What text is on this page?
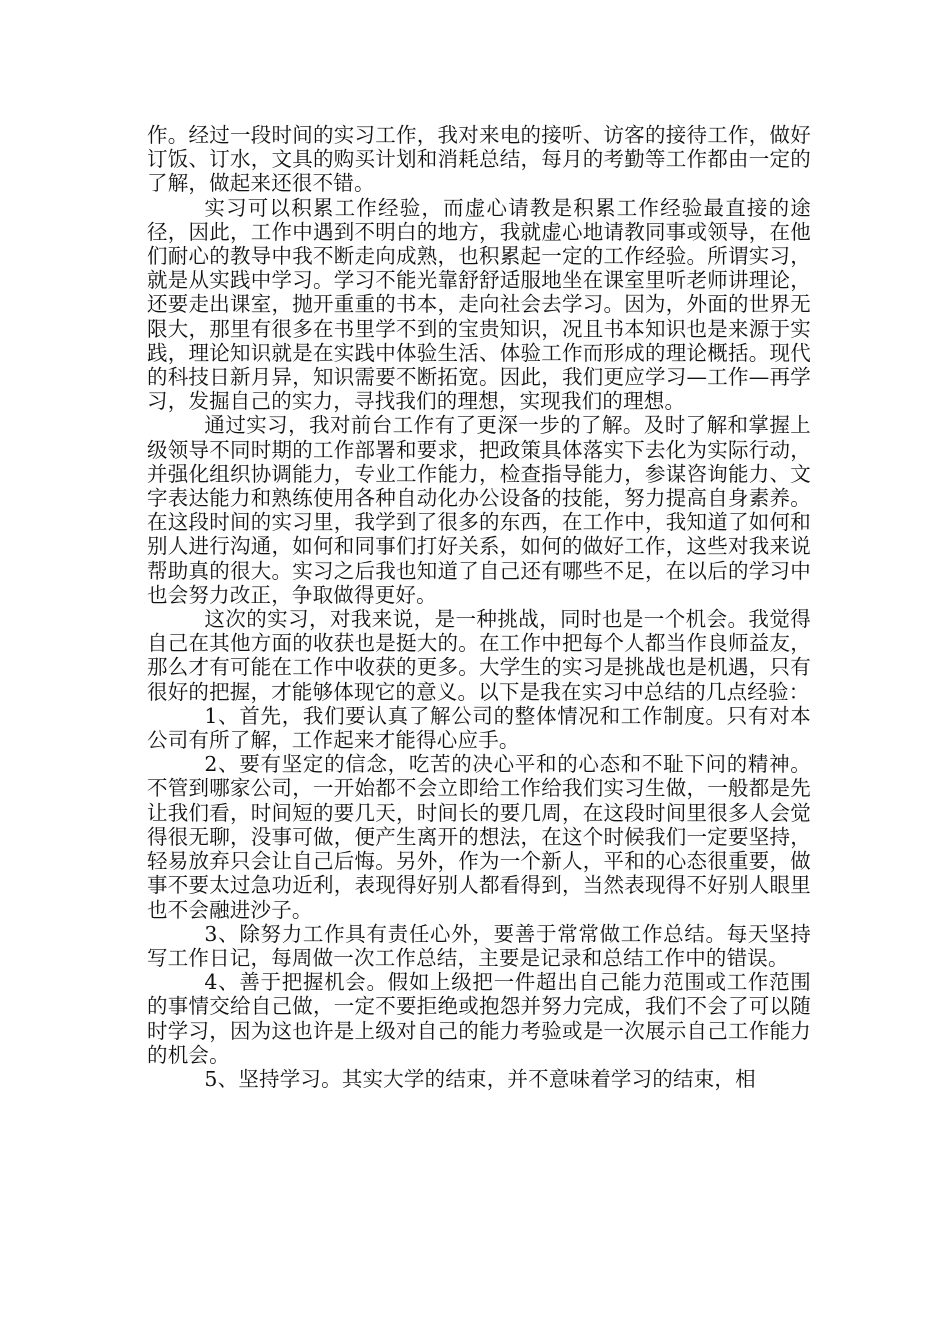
作。经过一段时间的实习工作，我对来电的接听、访客的接待工作，做好订饭、订水，文具的购买计划和消耗总结，每月的考勤等工作都由一定的了解，做起来还很不错。

实习可以积累工作经验，而虚心请教是积累工作经验最直接的途径，因此，工作中遇到不明白的地方，我就虚心地请教同事或领导，在他们耐心的教导中我不断走向成熟，也积累起一定的工作经验。所谓实习，就是从实践中学习。学习不能光靠舒舒适服地坐在课室里听老师讲理论，还要走出课室，抛开重重的书本，走向社会去学习。因为，外面的世界无限大，那里有很多在书里学不到的宝贵知识，况且书本知识也是来源于实践，理论知识就是在实践中体验生活、体验工作而形成的理论概括。现代的科技日新月异，知识需要不断拓宽。因此，我们更应学习—工作—再学习，发掘自己的实力，寻找我们的理想，实现我们的理想。

通过实习，我对前台工作有了更深一步的了解。及时了解和掌握上级领导不同时期的工作部署和要求，把政策具体落实下去化为实际行动，并强化组织协调能力，专业工作能力，检查指导能力，参谋咨询能力、文字表达能力和熟练使用各种自动化办公设备的技能，努力提高自身素养。在这段时间的实习里，我学到了很多的东西，在工作中，我知道了如何和别人进行沟通，如何和同事们打好关系，如何的做好工作，这些对我来说帮助真的很大。实习之后我也知道了自己还有哪些不足，在以后的学习中也会努力改正，争取做得更好。

这次的实习，对我来说，是一种挑战，同时也是一个机会。我觉得自己在其他方面的收获也是挺大的。在工作中把每个人都当作良师益友，那么才有可能在工作中收获的更多。大学生的实习是挑战也是机遇，只有很好的把握，才能够体现它的意义。以下是我在实习中总结的几点经验：

1、首先，我们要认真了解公司的整体情况和工作制度。只有对本公司有所了解，工作起来才能得心应手。

2、要有坚定的信念，吃苦的决心平和的心态和不耻下问的精神。不管到哪家公司，一开始都不会立即给工作给我们实习生做，一般都是先让我们看，时间短的要几天，时间长的要几周，在这段时间里很多人会觉得很无聊，没事可做，便产生离开的想法，在这个时候我们一定要坚持，轻易放弃只会让自己后悔。另外，作为一个新人，平和的心态很重要，做事不要太过急功近利，表现得好别人都看得到，当然表现得不好别人眼里也不会融进沙子。

3、除努力工作具有责任心外，要善于常常做工作总结。每天坚持写工作日记，每周做一次工作总结，主要是记录和总结工作中的错误。

4、善于把握机会。假如上级把一件超出自己能力范围或工作范围的事情交给自己做，一定不要拒绝或抱怨并努力完成，我们不会了可以随时学习，因为这也许是上级对自己的能力考验或是一次展示自己工作能力的机会。

5、坚持学习。其实大学的结束，并不意味着学习的结束，相
